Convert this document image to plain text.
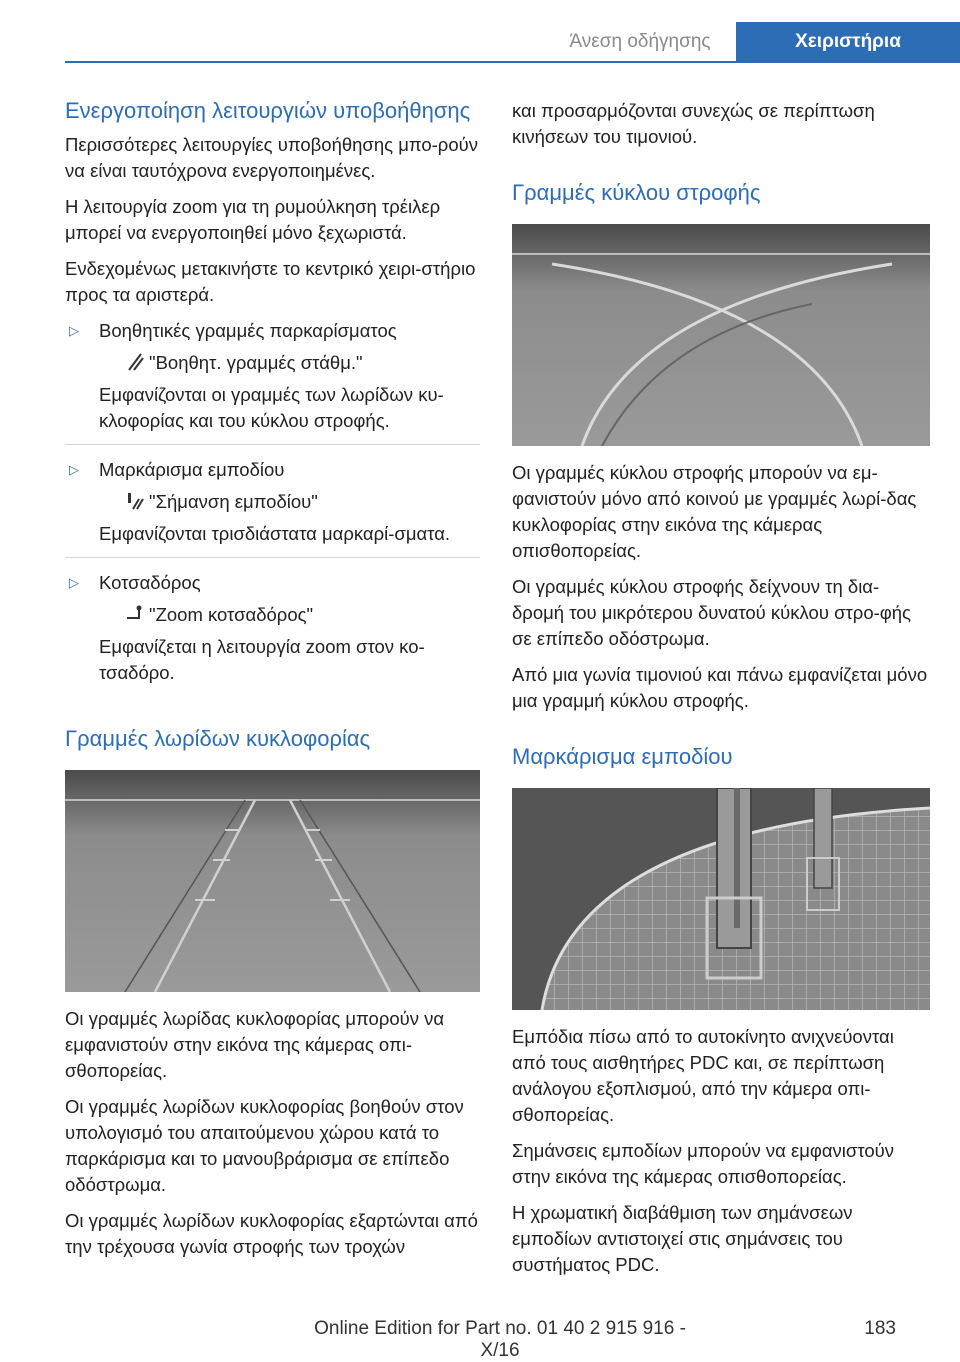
Άνεση οδήγησης	Χειριστήρια
Ενεργοποίηση λειτουργιών υποβοήθησης

Περισσότερες λειτουργίες υποβοήθησης μπο-ρούν να είναι ταυτόχρονα ενεργοποιημένες.

Η λειτουργία zoom για τη ρυμούλκηση τρέιλερ μπορεί να ενεργοποιηθεί μόνο ξεχωριστά.

Ενδεχομένως μετακινήστε το κεντρικό χειρι-στήριο προς τα αριστερά.

▷ Βοηθητικές γραμμές παρκαρίσματος
"Βοηθητ. γραμμές στάθμ."
Εμφανίζονται οι γραμμές των λωρίδων κυ-κλοφορίας και του κύκλου στροφής.
▷ Μαρκάρισμα εμποδίου
"Σήμανση εμποδίου"
Εμφανίζονται τρισδιάστατα μαρκαρί-σματα.
▷ Κοτσαδόρος
"Zoom κοτσαδόρος"
Εμφανίζεται η λειτουργία zoom στον κο-τσαδόρο.
Γραμμές λωρίδων κυκλοφορίας

Οι γραμμές λωρίδας κυκλοφορίας μπορούν να εμφανιστούν στην εικόνα της κάμερας οπι-σθοπορείας.

Οι γραμμές λωρίδων κυκλοφορίας βοηθούν στον υπολογισμό του απαιτούμενου χώρου κατά το παρκάρισμα και το μανουβράρισμα σε επίπεδο οδόστρωμα.

Οι γραμμές λωρίδων κυκλοφορίας εξαρτώνται από την τρέχουσα γωνία στροφής των τροχών

και προσαρμόζονται συνεχώς σε περίπτωση κινήσεων του τιμονιού.

Γραμμές κύκλου στροφής

Οι γραμμές κύκλου στροφής μπορούν να εμ-φανιστούν μόνο από κοινού με γραμμές λωρί-δας κυκλοφορίας στην εικόνα της κάμερας οπισθοπορείας.

Οι γραμμές κύκλου στροφής δείχνουν τη δια-δρομή του μικρότερου δυνατού κύκλου στρο-φής σε επίπεδο οδόστρωμα.

Από μια γωνία τιμονιού και πάνω εμφανίζεται μόνο μια γραμμή κύκλου στροφής.

Μαρκάρισμα εμποδίου

Εμπόδια πίσω από το αυτοκίνητο ανιχνεύονται από τους αισθητήρες PDC και, σε περίπτωση ανάλογου εξοπλισμού, από την κάμερα οπι-σθοπορείας.

Σημάνσεις εμποδίων μπορούν να εμφανιστούν στην εικόνα της κάμερας οπισθοπορείας.

Η χρωματική διαβάθμιση των σημάνσεων εμποδίων αντιστοιχεί στις σημάνσεις του συστήματος PDC.

Online Edition for Part no. 01 40 2 915 916 - X/16
183
